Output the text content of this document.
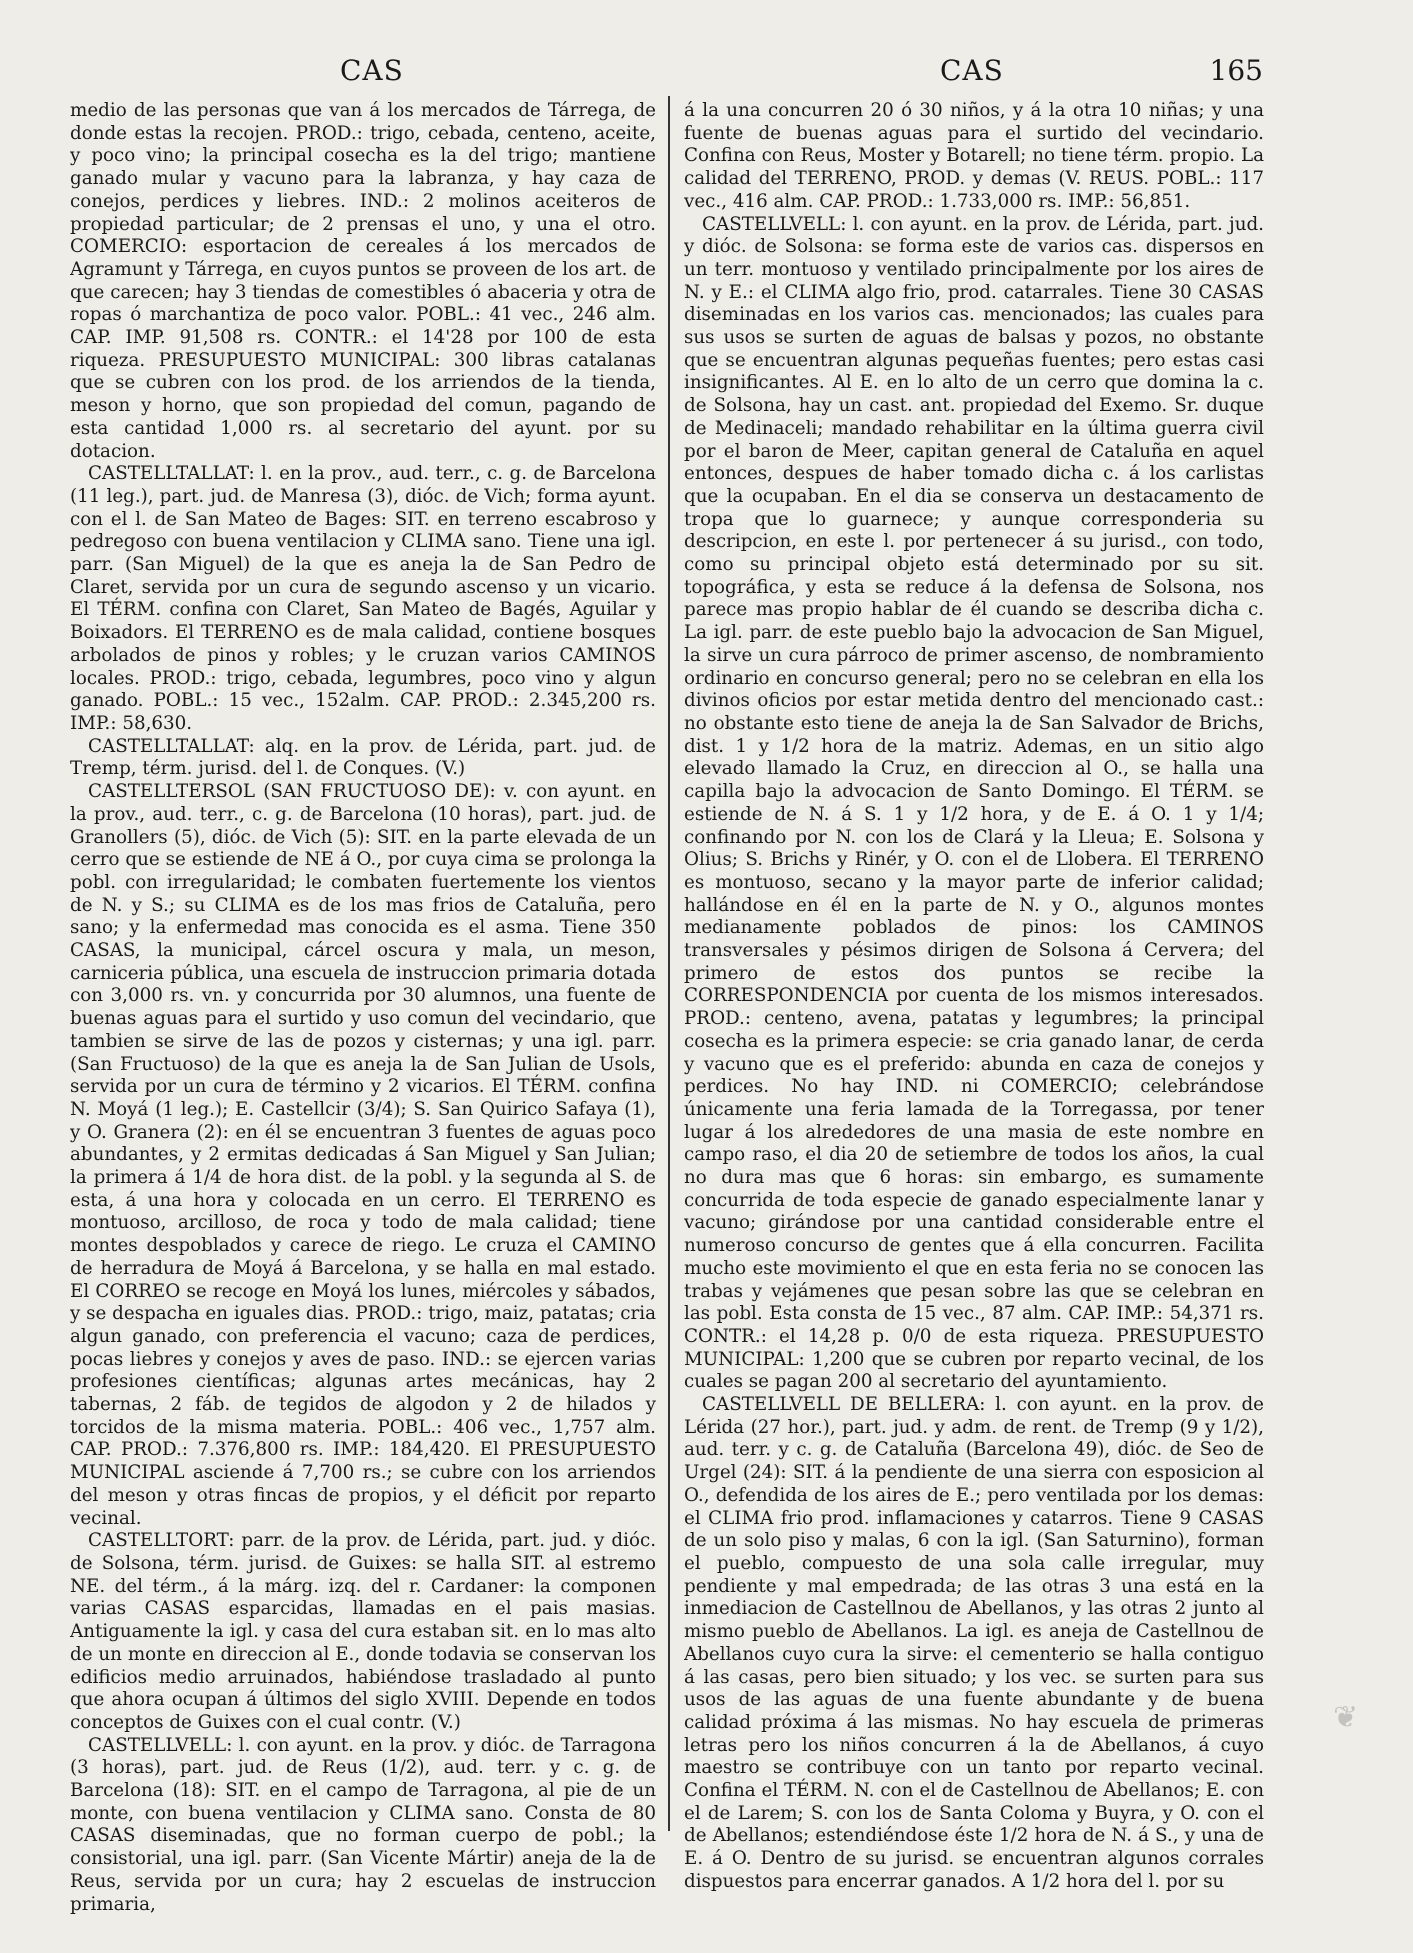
CAS	CAS	165

medio de las personas que van á los mercados de Tárrega, de donde estas la recojen. PROD.: trigo, cebada, centeno, aceite, y poco vino; la principal cosecha es la del trigo; mantiene ganado mular y vacuno para la labranza, y hay caza de conejos, perdices y liebres. IND.: 2 molinos aceiteros de propiedad particular; de 2 prensas el uno, y una el otro. COMERCIO: esportacion de cereales á los mercados de Agramunt y Tárrega, en cuyos puntos se proveen de los art. de que carecen; hay 3 tiendas de comestibles ó abaceria y otra de ropas ó marchantiza de poco valor. POBL.: 41 vec., 246 alm. CAP. IMP. 91,508 rs. CONTR.: el 14'28 por 100 de esta riqueza. PRESUPUESTO MUNICIPAL: 300 libras catalanas que se cubren con los prod. de los arriendos de la tienda, meson y horno, que son propiedad del comun, pagando de esta cantidad 1,000 rs. al secretario del ayunt. por su dotacion.

CASTELLTALLAT: l. en la prov., aud. terr., c. g. de Barcelona (11 leg.), part. jud. de Manresa (3), dióc. de Vich; forma ayunt. con el l. de San Mateo de Bages: SIT. en terreno escabroso y pedregoso con buena ventilacion y CLIMA sano. Tiene una igl. parr. (San Miguel) de la que es aneja la de San Pedro de Claret, servida por un cura de segundo ascenso y un vicario. El TÉRM. confina con Claret, San Mateo de Bagés, Aguilar y Boixadors. El TERRENO es de mala calidad, contiene bosques arbolados de pinos y robles; y le cruzan varios CAMINOS locales. PROD.: trigo, cebada, legumbres, poco vino y algun ganado. POBL.: 15 vec., 152alm. CAP. PROD.: 2.345,200 rs. IMP.: 58,630.

CASTELLTALLAT: alq. en la prov. de Lérida, part. jud. de Tremp, térm. jurisd. del l. de Conques. (V.)

CASTELLTERSOL (SAN FRUCTUOSO DE): v. con ayunt. en la prov., aud. terr., c. g. de Barcelona (10 horas), part. jud. de Granollers (5), dióc. de Vich (5): SIT. en la parte elevada de un cerro que se estiende de NE á O., por cuya cima se prolonga la pobl. con irregularidad; le combaten fuertemente los vientos de N. y S.; su CLIMA es de los mas frios de Cataluña, pero sano; y la enfermedad mas conocida es el asma. Tiene 350 CASAS, la municipal, cárcel oscura y mala, un meson, carniceria pública, una escuela de instruccion primaria dotada con 3,000 rs. vn. y concurrida por 30 alumnos, una fuente de buenas aguas para el surtido y uso comun del vecindario, que tambien se sirve de las de pozos y cisternas; y una igl. parr. (San Fructuoso) de la que es aneja la de San Julian de Usols, servida por un cura de término y 2 vicarios. El TÉRM. confina N. Moyá (1 leg.); E. Castellcir (3/4); S. San Quirico Safaya (1), y O. Granera (2): en él se encuentran 3 fuentes de aguas poco abundantes, y 2 ermitas dedicadas á San Miguel y San Julian; la primera á 1/4 de hora dist. de la pobl. y la segunda al S. de esta, á una hora y colocada en un cerro. El TERRENO es montuoso, arcilloso, de roca y todo de mala calidad; tiene montes despoblados y carece de riego. Le cruza el CAMINO de herradura de Moyá á Barcelona, y se halla en mal estado. El CORREO se recoge en Moyá los lunes, miércoles y sábados, y se despacha en iguales dias. PROD.: trigo, maiz, patatas; cria algun ganado, con preferencia el vacuno; caza de perdices, pocas liebres y conejos y aves de paso. IND.: se ejercen varias profesiones científicas; algunas artes mecánicas, hay 2 tabernas, 2 fáb. de tegidos de algodon y 2 de hilados y torcidos de la misma materia. POBL.: 406 vec., 1,757 alm. CAP. PROD.: 7.376,800 rs. IMP.: 184,420. El PRESUPUESTO MUNICIPAL asciende á 7,700 rs.; se cubre con los arriendos del meson y otras fincas de propios, y el déficit por reparto vecinal.

CASTELLTORT: parr. de la prov. de Lérida, part. jud. y dióc. de Solsona, térm. jurisd. de Guixes: se halla SIT. al estremo NE. del térm., á la márg. izq. del r. Cardaner: la componen varias CASAS esparcidas, llamadas en el pais masias. Antiguamente la igl. y casa del cura estaban sit. en lo mas alto de un monte en direccion al E., donde todavia se conservan los edificios medio arruinados, habiéndose trasladado al punto que ahora ocupan á últimos del siglo XVIII. Depende en todos conceptos de Guixes con el cual contr. (V.)

CASTELLVELL: l. con ayunt. en la prov. y dióc. de Tarragona (3 horas), part. jud. de Reus (1/2), aud. terr. y c. g. de Barcelona (18): SIT. en el campo de Tarragona, al pie de un monte, con buena ventilacion y CLIMA sano. Consta de 80 CASAS diseminadas, que no forman cuerpo de pobl.; la consistorial, una igl. parr. (San Vicente Mártir) aneja de la de Reus, servida por un cura; hay 2 escuelas de instruccion primaria,

á la una concurren 20 ó 30 niños, y á la otra 10 niñas; y una fuente de buenas aguas para el surtido del vecindario. Confina con Reus, Moster y Botarell; no tiene térm. propio. La calidad del TERRENO, PROD. y demas (V. REUS. POBL.: 117 vec., 416 alm. CAP. PROD.: 1.733,000 rs. IMP.: 56,851.

CASTELLVELL: l. con ayunt. en la prov. de Lérida, part. jud. y dióc. de Solsona: se forma este de varios cas. dispersos en un terr. montuoso y ventilado principalmente por los aires de N. y E.: el CLIMA algo frio, prod. catarrales. Tiene 30 CASAS diseminadas en los varios cas. mencionados; las cuales para sus usos se surten de aguas de balsas y pozos, no obstante que se encuentran algunas pequeñas fuentes; pero estas casi insignificantes. Al E. en lo alto de un cerro que domina la c. de Solsona, hay un cast. ant. propiedad del Exemo. Sr. duque de Medinaceli; mandado rehabilitar en la última guerra civil por el baron de Meer, capitan general de Cataluña en aquel entonces, despues de haber tomado dicha c. á los carlistas que la ocupaban. En el dia se conserva un destacamento de tropa que lo guarnece; y aunque corresponderia su descripcion, en este l. por pertenecer á su jurisd., con todo, como su principal objeto está determinado por su sit. topográfica, y esta se reduce á la defensa de Solsona, nos parece mas propio hablar de él cuando se describa dicha c. La igl. parr. de este pueblo bajo la advocacion de San Miguel, la sirve un cura párroco de primer ascenso, de nombramiento ordinario en concurso general; pero no se celebran en ella los divinos oficios por estar metida dentro del mencionado cast.: no obstante esto tiene de aneja la de San Salvador de Brichs, dist. 1 y 1/2 hora de la matriz. Ademas, en un sitio algo elevado llamado la Cruz, en direccion al O., se halla una capilla bajo la advocacion de Santo Domingo. El TÉRM. se estiende de N. á S. 1 y 1/2 hora, y de E. á O. 1 y 1/4; confinando por N. con los de Clará y la Lleua; E. Solsona y Olius; S. Brichs y Rinér, y O. con el de Llobera. El TERRENO es montuoso, secano y la mayor parte de inferior calidad; hallándose en él en la parte de N. y O., algunos montes medianamente poblados de pinos: los CAMINOS transversales y pésimos dirigen de Solsona á Cervera; del primero de estos dos puntos se recibe la CORRESPONDENCIA por cuenta de los mismos interesados. PROD.: centeno, avena, patatas y legumbres; la principal cosecha es la primera especie: se cria ganado lanar, de cerda y vacuno que es el preferido: abunda en caza de conejos y perdices. No hay IND. ni COMERCIO; celebrándose únicamente una feria lamada de la Torregassa, por tener lugar á los alrededores de una masia de este nombre en campo raso, el dia 20 de setiembre de todos los años, la cual no dura mas que 6 horas: sin embargo, es sumamente concurrida de toda especie de ganado especialmente lanar y vacuno; girándose por una cantidad considerable entre el numeroso concurso de gentes que á ella concurren. Facilita mucho este movimiento el que en esta feria no se conocen las trabas y vejámenes que pesan sobre las que se celebran en las pobl. Esta consta de 15 vec., 87 alm. CAP. IMP.: 54,371 rs. CONTR.: el 14,28 p. 0/0 de esta riqueza. PRESUPUESTO MUNICIPAL: 1,200 que se cubren por reparto vecinal, de los cuales se pagan 200 al secretario del ayuntamiento.

CASTELLVELL DE BELLERA: l. con ayunt. en la prov. de Lérida (27 hor.), part. jud. y adm. de rent. de Tremp (9 y 1/2), aud. terr. y c. g. de Cataluña (Barcelona 49), dióc. de Seo de Urgel (24): SIT. á la pendiente de una sierra con esposicion al O., defendida de los aires de E.; pero ventilada por los demas: el CLIMA frio prod. inflamaciones y catarros. Tiene 9 CASAS de un solo piso y malas, 6 con la igl. (San Saturnino), forman el pueblo, compuesto de una sola calle irregular, muy pendiente y mal empedrada; de las otras 3 una está en la inmediacion de Castellnou de Abellanos, y las otras 2 junto al mismo pueblo de Abellanos. La igl. es aneja de Castellnou de Abellanos cuyo cura la sirve: el cementerio se halla contiguo á las casas, pero bien situado; y los vec. se surten para sus usos de las aguas de una fuente abundante y de buena calidad próxima á las mismas. No hay escuela de primeras letras pero los niños concurren á la de Abellanos, á cuyo maestro se contribuye con un tanto por reparto vecinal. Confina el TÉRM. N. con el de Castellnou de Abellanos; E. con el de Larem; S. con los de Santa Coloma y Buyra, y O. con el de Abellanos; estendiéndose éste 1/2 hora de N. á S., y una de E. á O. Dentro de su jurisd. se encuentran algunos corrales dispuestos para encerrar ganados. A 1/2 hora del l. por su

❦
